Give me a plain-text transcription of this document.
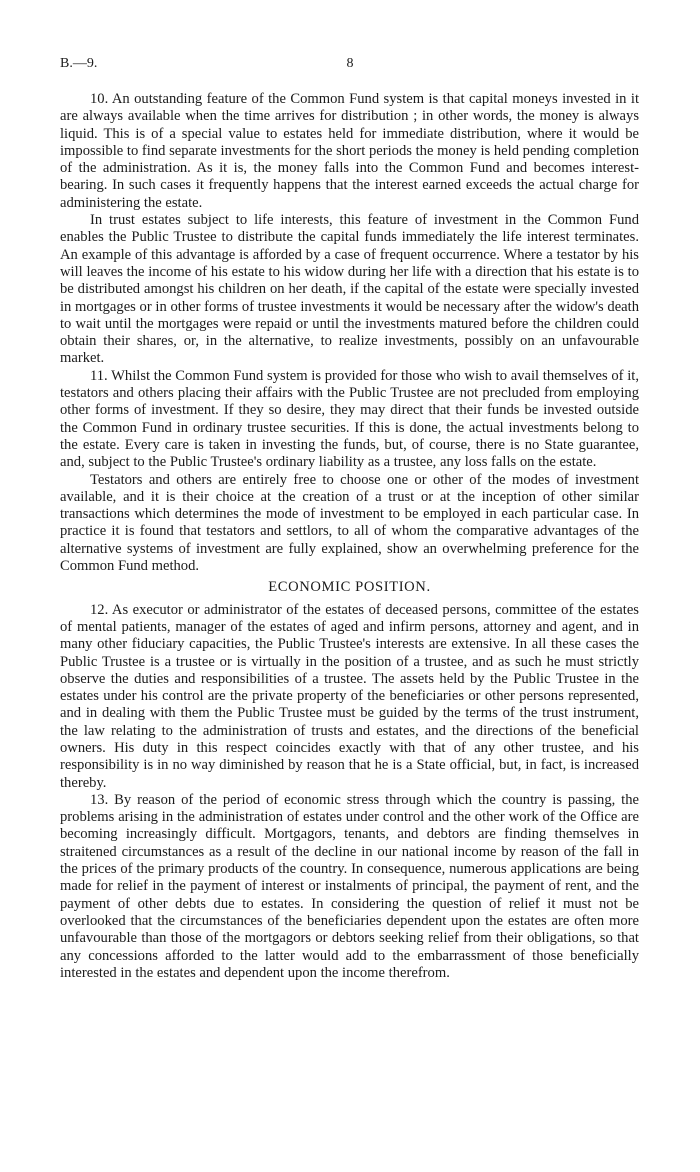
B.—9.	8

10. An outstanding feature of the Common Fund system is that capital moneys invested in it are always available when the time arrives for distribution ; in other words, the money is always liquid. This is of a special value to estates held for immediate distribution, where it would be impossible to find separate investments for the short periods the money is held pending completion of the administration. As it is, the money falls into the Common Fund and becomes interest-bearing. In such cases it frequently happens that the interest earned exceeds the actual charge for administering the estate.

In trust estates subject to life interests, this feature of investment in the Common Fund enables the Public Trustee to distribute the capital funds immediately the life interest terminates. An example of this advantage is afforded by a case of frequent occurrence. Where a testator by his will leaves the income of his estate to his widow during her life with a direction that his estate is to be distributed amongst his children on her death, if the capital of the estate were specially invested in mortgages or in other forms of trustee investments it would be necessary after the widow's death to wait until the mortgages were repaid or until the investments matured before the children could obtain their shares, or, in the alternative, to realize investments, possibly on an unfavourable market.

11. Whilst the Common Fund system is provided for those who wish to avail themselves of it, testators and others placing their affairs with the Public Trustee are not precluded from employing other forms of investment. If they so desire, they may direct that their funds be invested outside the Common Fund in ordinary trustee securities. If this is done, the actual investments belong to the estate. Every care is taken in investing the funds, but, of course, there is no State guarantee, and, subject to the Public Trustee's ordinary liability as a trustee, any loss falls on the estate.

Testators and others are entirely free to choose one or other of the modes of investment available, and it is their choice at the creation of a trust or at the inception of other similar transactions which determines the mode of investment to be employed in each particular case. In practice it is found that testators and settlors, to all of whom the comparative advantages of the alternative systems of investment are fully explained, show an overwhelming preference for the Common Fund method.

ECONOMIC POSITION.

12. As executor or administrator of the estates of deceased persons, committee of the estates of mental patients, manager of the estates of aged and infirm persons, attorney and agent, and in many other fiduciary capacities, the Public Trustee's interests are extensive. In all these cases the Public Trustee is a trustee or is virtually in the position of a trustee, and as such he must strictly observe the duties and responsibilities of a trustee. The assets held by the Public Trustee in the estates under his control are the private property of the beneficiaries or other persons represented, and in dealing with them the Public Trustee must be guided by the terms of the trust instrument, the law relating to the administration of trusts and estates, and the directions of the beneficial owners. His duty in this respect coincides exactly with that of any other trustee, and his responsibility is in no way diminished by reason that he is a State official, but, in fact, is increased thereby.

13. By reason of the period of economic stress through which the country is passing, the problems arising in the administration of estates under control and the other work of the Office are becoming increasingly difficult. Mortgagors, tenants, and debtors are finding themselves in straitened circumstances as a result of the decline in our national income by reason of the fall in the prices of the primary products of the country. In consequence, numerous applications are being made for relief in the payment of interest or instalments of principal, the payment of rent, and the payment of other debts due to estates. In considering the question of relief it must not be overlooked that the circumstances of the beneficiaries dependent upon the estates are often more unfavourable than those of the mortgagors or debtors seeking relief from their obligations, so that any concessions afforded to the latter would add to the embarrassment of those beneficially interested in the estates and dependent upon the income therefrom.
